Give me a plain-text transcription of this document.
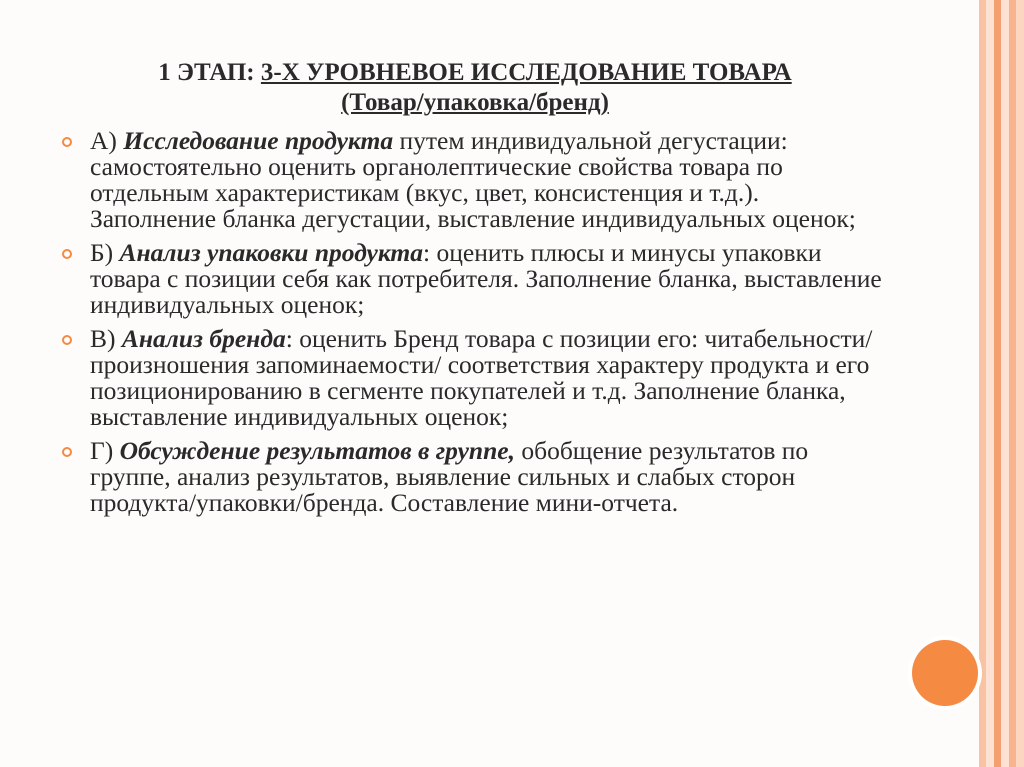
1 ЭТАП: 3-Х УРОВНЕВОЕ ИССЛЕДОВАНИЕ ТОВАРА
(Товар/упаковка/бренд)
А) Исследование продукта путем индивидуальной дегустации: самостоятельно оценить органолептические свойства товара по отдельным характеристикам (вкус, цвет, консистенция и т.д.). Заполнение бланка дегустации, выставление индивидуальных оценок;
Б) Анализ упаковки продукта: оценить плюсы и минусы упаковки товара с позиции себя как потребителя. Заполнение бланка, выставление индивидуальных оценок;
В) Анализ бренда: оценить Бренд товара с позиции его: читабельности/произношения запоминаемости/ соответствия характеру продукта и его позиционированию в сегменте покупателей и т.д. Заполнение бланка, выставление индивидуальных оценок;
Г) Обсуждение результатов в группе, обобщение результатов по группе, анализ результатов, выявление сильных и слабых сторон продукта/упаковки/бренда. Составление мини-отчета.
